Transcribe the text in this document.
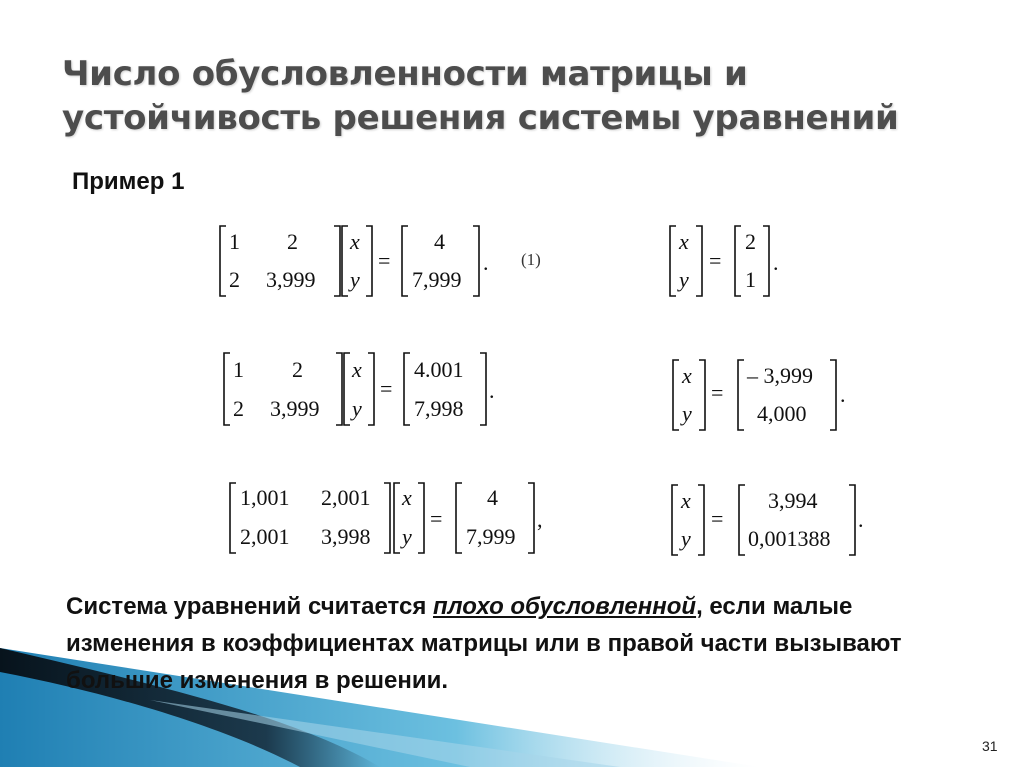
Число обусловленности матрицы и
устойчивость решения системы уравнений
Пример 1
1 2
2 3,999
x
y
=
4
7,999
. (1)
x
y
=
2
1
.
1 2
2 3,999
x
y
=
4.001
7,998
.
x
y
=
– 3,999
4,000
.
1,001 2,001
2,001 3,998
x
y
=
4
7,999
,
x
y
=
3,994
0,001388
.
Система уравнений считается плохо обусловленной, если малые изменения в коэффициентах матрицы или в правой части вызывают большие изменения в решении.
31
